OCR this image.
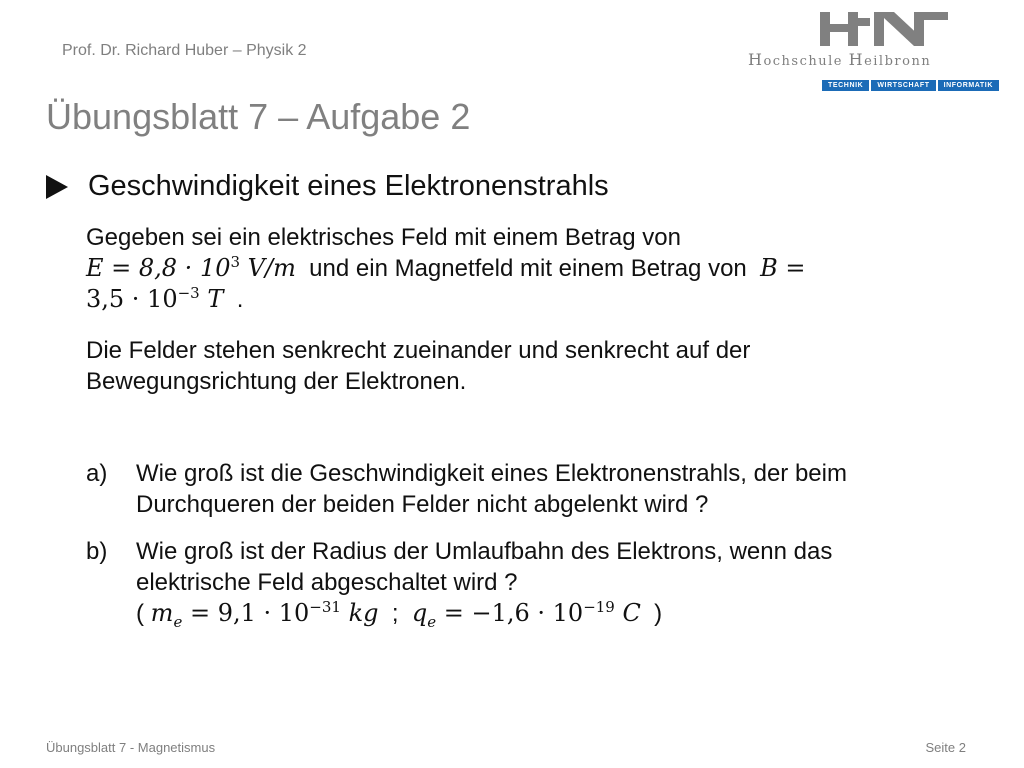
Prof. Dr. Richard Huber – Physik 2	Hochschule Heilbronn
TECHNIK	WIRTSCHAFT	INFORMATIK
Übungsblatt 7 – Aufgabe 2
Geschwindigkeit eines Elektronenstrahls
Gegeben sei ein elektrisches Feld mit einem Betrag von
$E = 8,8 \cdot 10^3$ V/m  und ein Magnetfeld mit einem Betrag von  B =
$3,5 \cdot 10^{-3}$ T  .
Die Felder stehen senkrecht zueinander und senkrecht auf der Bewegungsrichtung der Elektronen.
a) Wie groß ist die Geschwindigkeit eines Elektronenstrahls, der beim Durchqueren der beiden Felder nicht abgelenkt wird ?
b) Wie groß ist der Radius der Umlaufbahn des Elektrons, wenn das elektrische Feld abgeschaltet wird ?
( $m_e = 9,1 \cdot 10^{-31}$ kg  ;  $q_e = -1,6 \cdot 10^{-19}$ C  )
Übungsblatt 7 - Magnetismus	Seite 2
